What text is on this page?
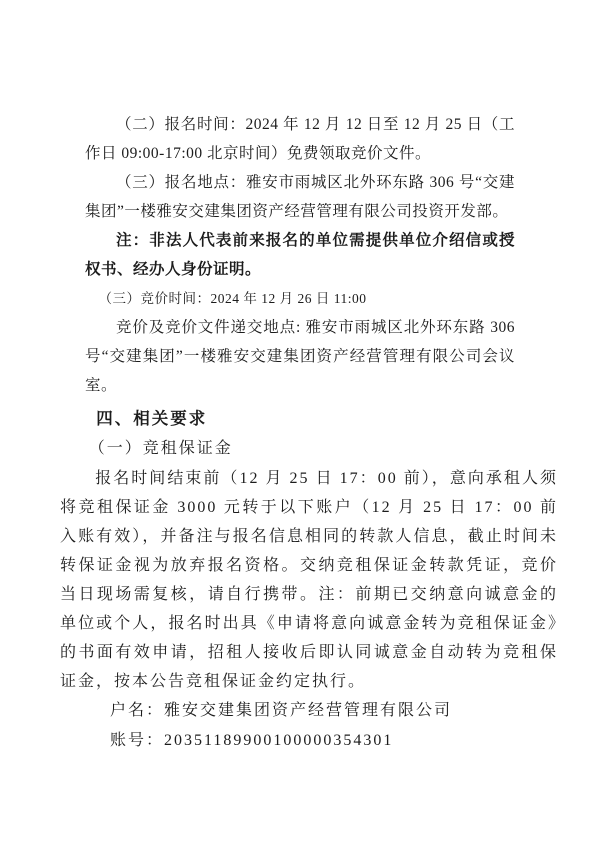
（二）报名时间：2024 年 12 月 12 日至 12 月 25 日（工作日 09:00-17:00 北京时间）免费领取竞价文件。

（三）报名地点：雅安市雨城区北外环东路 306 号“交建集团”一楼雅安交建集团资产经营管理有限公司投资开发部。

注：非法人代表前来报名的单位需提供单位介绍信或授权书、经办人身份证明。

（三）竞价时间：2024 年 12 月 26 日 11:00

竞价及竞价文件递交地点: 雅安市雨城区北外环东路 306 号“交建集团”一楼雅安交建集团资产经营管理有限公司会议室。

四、相关要求

（一）竞租保证金

报名时间结束前（12 月 25 日 17：00 前），意向承租人须将竞租保证金 3000 元转于以下账户（12 月 25 日 17：00 前入账有效），并备注与报名信息相同的转款人信息，截止时间未转保证金视为放弃报名资格。交纳竞租保证金转款凭证，竞价当日现场需复核，请自行携带。注：前期已交纳意向诚意金的单位或个人，报名时出具《申请将意向诚意金转为竞租保证金》的书面有效申请，招租人接收后即认同诚意金自动转为竞租保证金，按本公告竞租保证金约定执行。

户名：雅安交建集团资产经营管理有限公司

账号：20351189900100000354301
